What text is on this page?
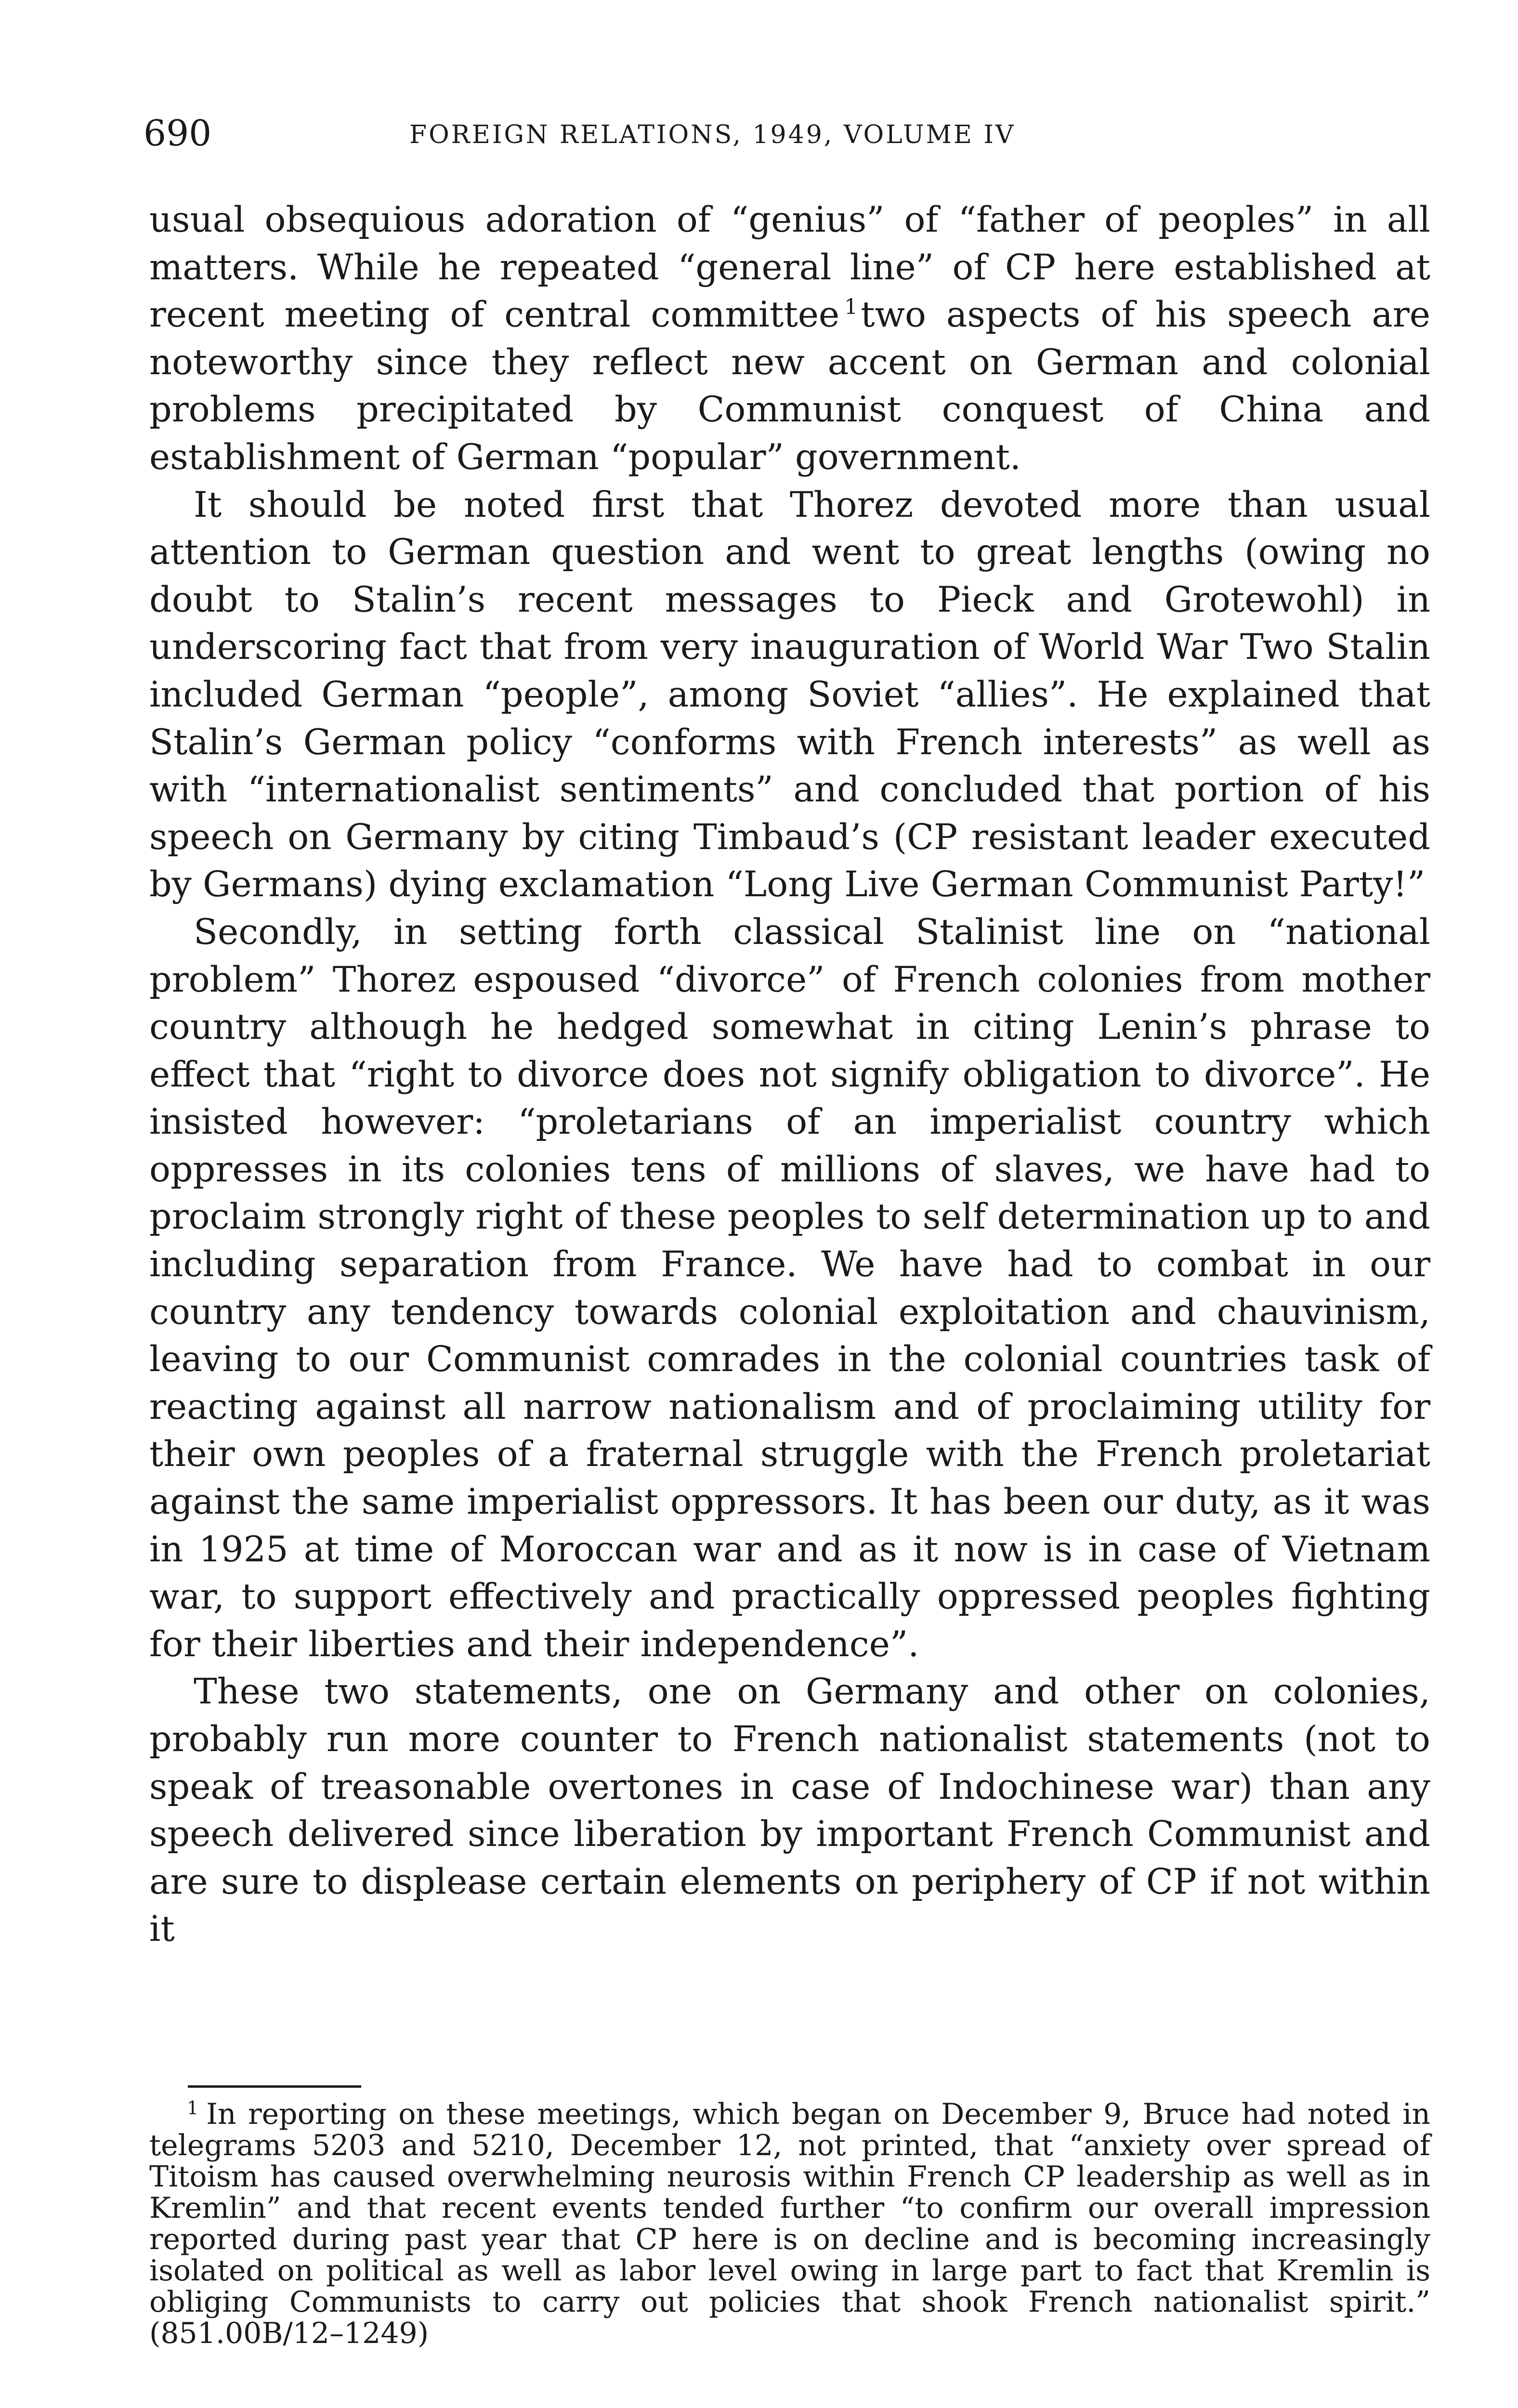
690	FOREIGN RELATIONS, 1949, VOLUME IV

usual obsequious adoration of “genius” of “father of peoples” in all matters. While he repeated “general line” of CP here established at recent meeting of central committee $^1$two aspects of his speech are noteworthy since they reflect new accent on German and colonial problems precipitated by Communist conquest of China and establishment of German “popular” government.

It should be noted first that Thorez devoted more than usual attention to German question and went to great lengths (owing no doubt to Stalin’s recent messages to Pieck and Grotewohl) in underscoring fact that from very inauguration of World War Two Stalin included German “people”, among Soviet “allies”. He explained that Stalin’s German policy “conforms with French interests” as well as with “internationalist sentiments” and concluded that portion of his speech on Germany by citing Timbaud’s (CP resistant leader executed by Germans) dying exclamation “Long Live German Communist Party!”

Secondly, in setting forth classical Stalinist line on “national problem” Thorez espoused “divorce” of French colonies from mother country although he hedged somewhat in citing Lenin’s phrase to effect that “right to divorce does not signify obligation to divorce”. He insisted however: “proletarians of an imperialist country which oppresses in its colonies tens of millions of slaves, we have had to proclaim strongly right of these peoples to self determination up to and including separation from France. We have had to combat in our country any tendency towards colonial exploitation and chauvinism, leaving to our Communist comrades in the colonial countries task of reacting against all narrow nationalism and of proclaiming utility for their own peoples of a fraternal struggle with the French proletariat against the same imperialist oppressors. It has been our duty, as it was in 1925 at time of Moroccan war and as it now is in case of Vietnam war, to support effectively and practically oppressed peoples fighting for their liberties and their independence”.

These two statements, one on Germany and other on colonies, probably run more counter to French nationalist statements (not to speak of treasonable overtones in case of Indochinese war) than any speech delivered since liberation by important French Communist and are sure to displease certain elements on periphery of CP if not within it

$^1$ In reporting on these meetings, which began on December 9, Bruce had noted in telegrams 5203 and 5210, December 12, not printed, that “anxiety over spread of Titoism has caused overwhelming neurosis within French CP leadership as well as in Kremlin” and that recent events tended further “to confirm our overall impression reported during past year that CP here is on decline and is becoming increasingly isolated on political as well as labor level owing in large part to fact that Kremlin is obliging Communists to carry out policies that shook French nationalist spirit.” (851.00B/12–1249)
